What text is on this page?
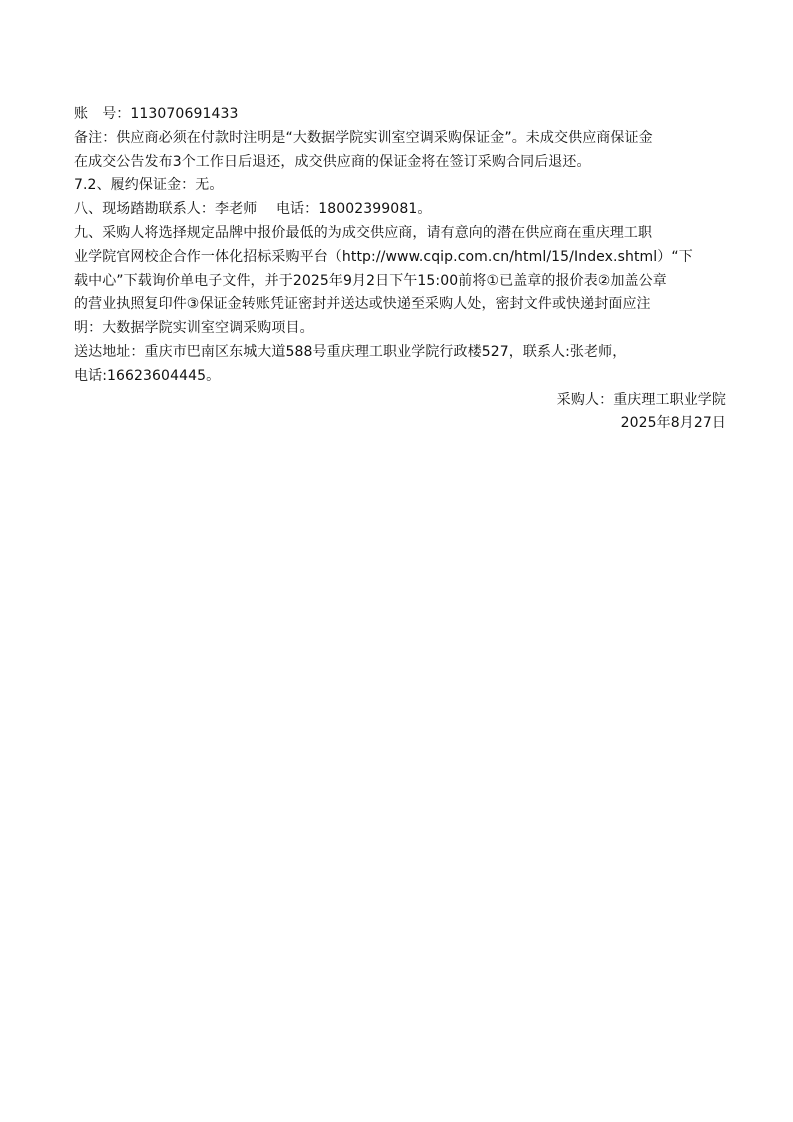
账　号：113070691433
备注：供应商必须在付款时注明是“大数据学院实训室空调采购保证金”。未成交供应商保证金
在成交公告发布3个工作日后退还，成交供应商的保证金将在签订采购合同后退还。
7.2、履约保证金：无。
八、现场踏勘联系人：李老师　 电话：18002399081。
九、采购人将选择规定品牌中报价最低的为成交供应商，请有意向的潜在供应商在重庆理工职
业学院官网校企合作一体化招标采购平台（http://www.cqip.com.cn/html/15/Index.shtml）“下
载中心”下载询价单电子文件，并于2025年9月2日下午15:00前将①已盖章的报价表②加盖公章
的营业执照复印件③保证金转账凭证密封并送达或快递至采购人处，密封文件或快递封面应注
明：大数据学院实训室空调采购项目。
送达地址：重庆市巴南区东城大道588号重庆理工职业学院行政楼527，联系人:张老师，
电话:16623604445。
采购人：重庆理工职业学院
2025年8月27日
